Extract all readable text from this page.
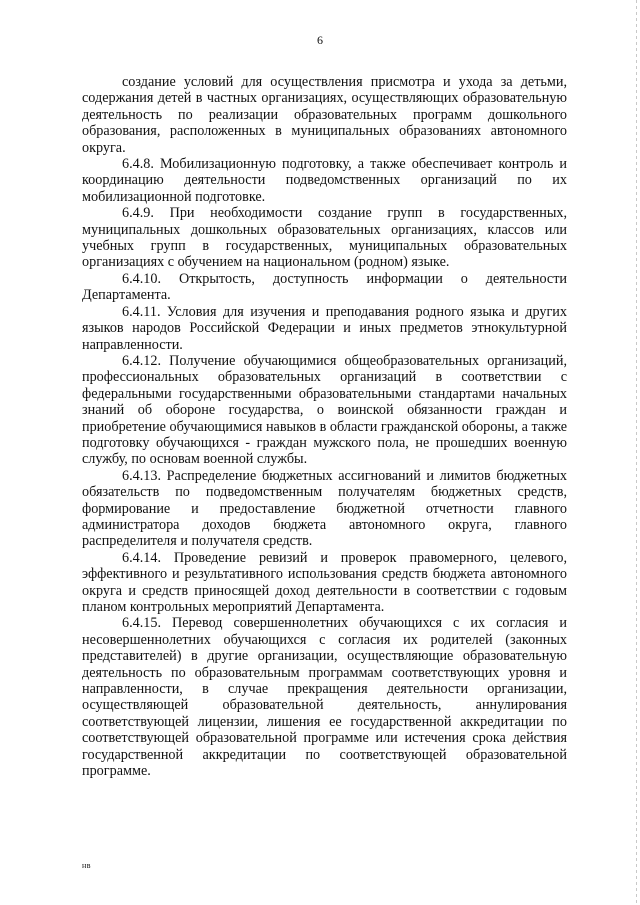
6

создание условий для осуществления присмотра и ухода за детьми, содержания детей в частных организациях, осуществляющих образовательную деятельность по реализации образовательных программ дошкольного образования, расположенных в муниципальных образованиях автономного округа.

6.4.8. Мобилизационную подготовку, а также обеспечивает контроль и координацию деятельности подведомственных организаций по их мобилизационной подготовке.

6.4.9. При необходимости создание групп в государственных, муниципальных дошкольных образовательных организациях, классов или учебных групп в государственных, муниципальных образовательных организациях с обучением на национальном (родном) языке.

6.4.10. Открытость, доступность информации о деятельности Департамента.

6.4.11. Условия для изучения и преподавания родного языка и других языков народов Российской Федерации и иных предметов этнокультурной направленности.

6.4.12. Получение обучающимися общеобразовательных организаций, профессиональных образовательных организаций в соответствии с федеральными государственными образовательными стандартами начальных знаний об обороне государства, о воинской обязанности граждан и приобретение обучающимися навыков в области гражданской обороны, а также подготовку обучающихся - граждан мужского пола, не прошедших военную службу, по основам военной службы.

6.4.13. Распределение бюджетных ассигнований и лимитов бюджетных обязательств по подведомственным получателям бюджетных средств, формирование и предоставление бюджетной отчетности главного администратора доходов бюджета автономного округа, главного распределителя и получателя средств.

6.4.14. Проведение ревизий и проверок правомерного, целевого, эффективного и результативного использования средств бюджета автономного округа и средств приносящей доход деятельности в соответствии с годовым планом контрольных мероприятий Департамента.

6.4.15. Перевод совершеннолетних обучающихся с их согласия и несовершеннолетних обучающихся с согласия их родителей (законных представителей) в другие организации, осуществляющие образовательную деятельность по образовательным программам соответствующих уровня и направленности, в случае прекращения деятельности организации, осуществляющей образовательной деятельность, аннулирования соответствующей лицензии, лишения ее государственной аккредитации по соответствующей образовательной программе или истечения срока действия государственной аккредитации по соответствующей образовательной программе.

нв
